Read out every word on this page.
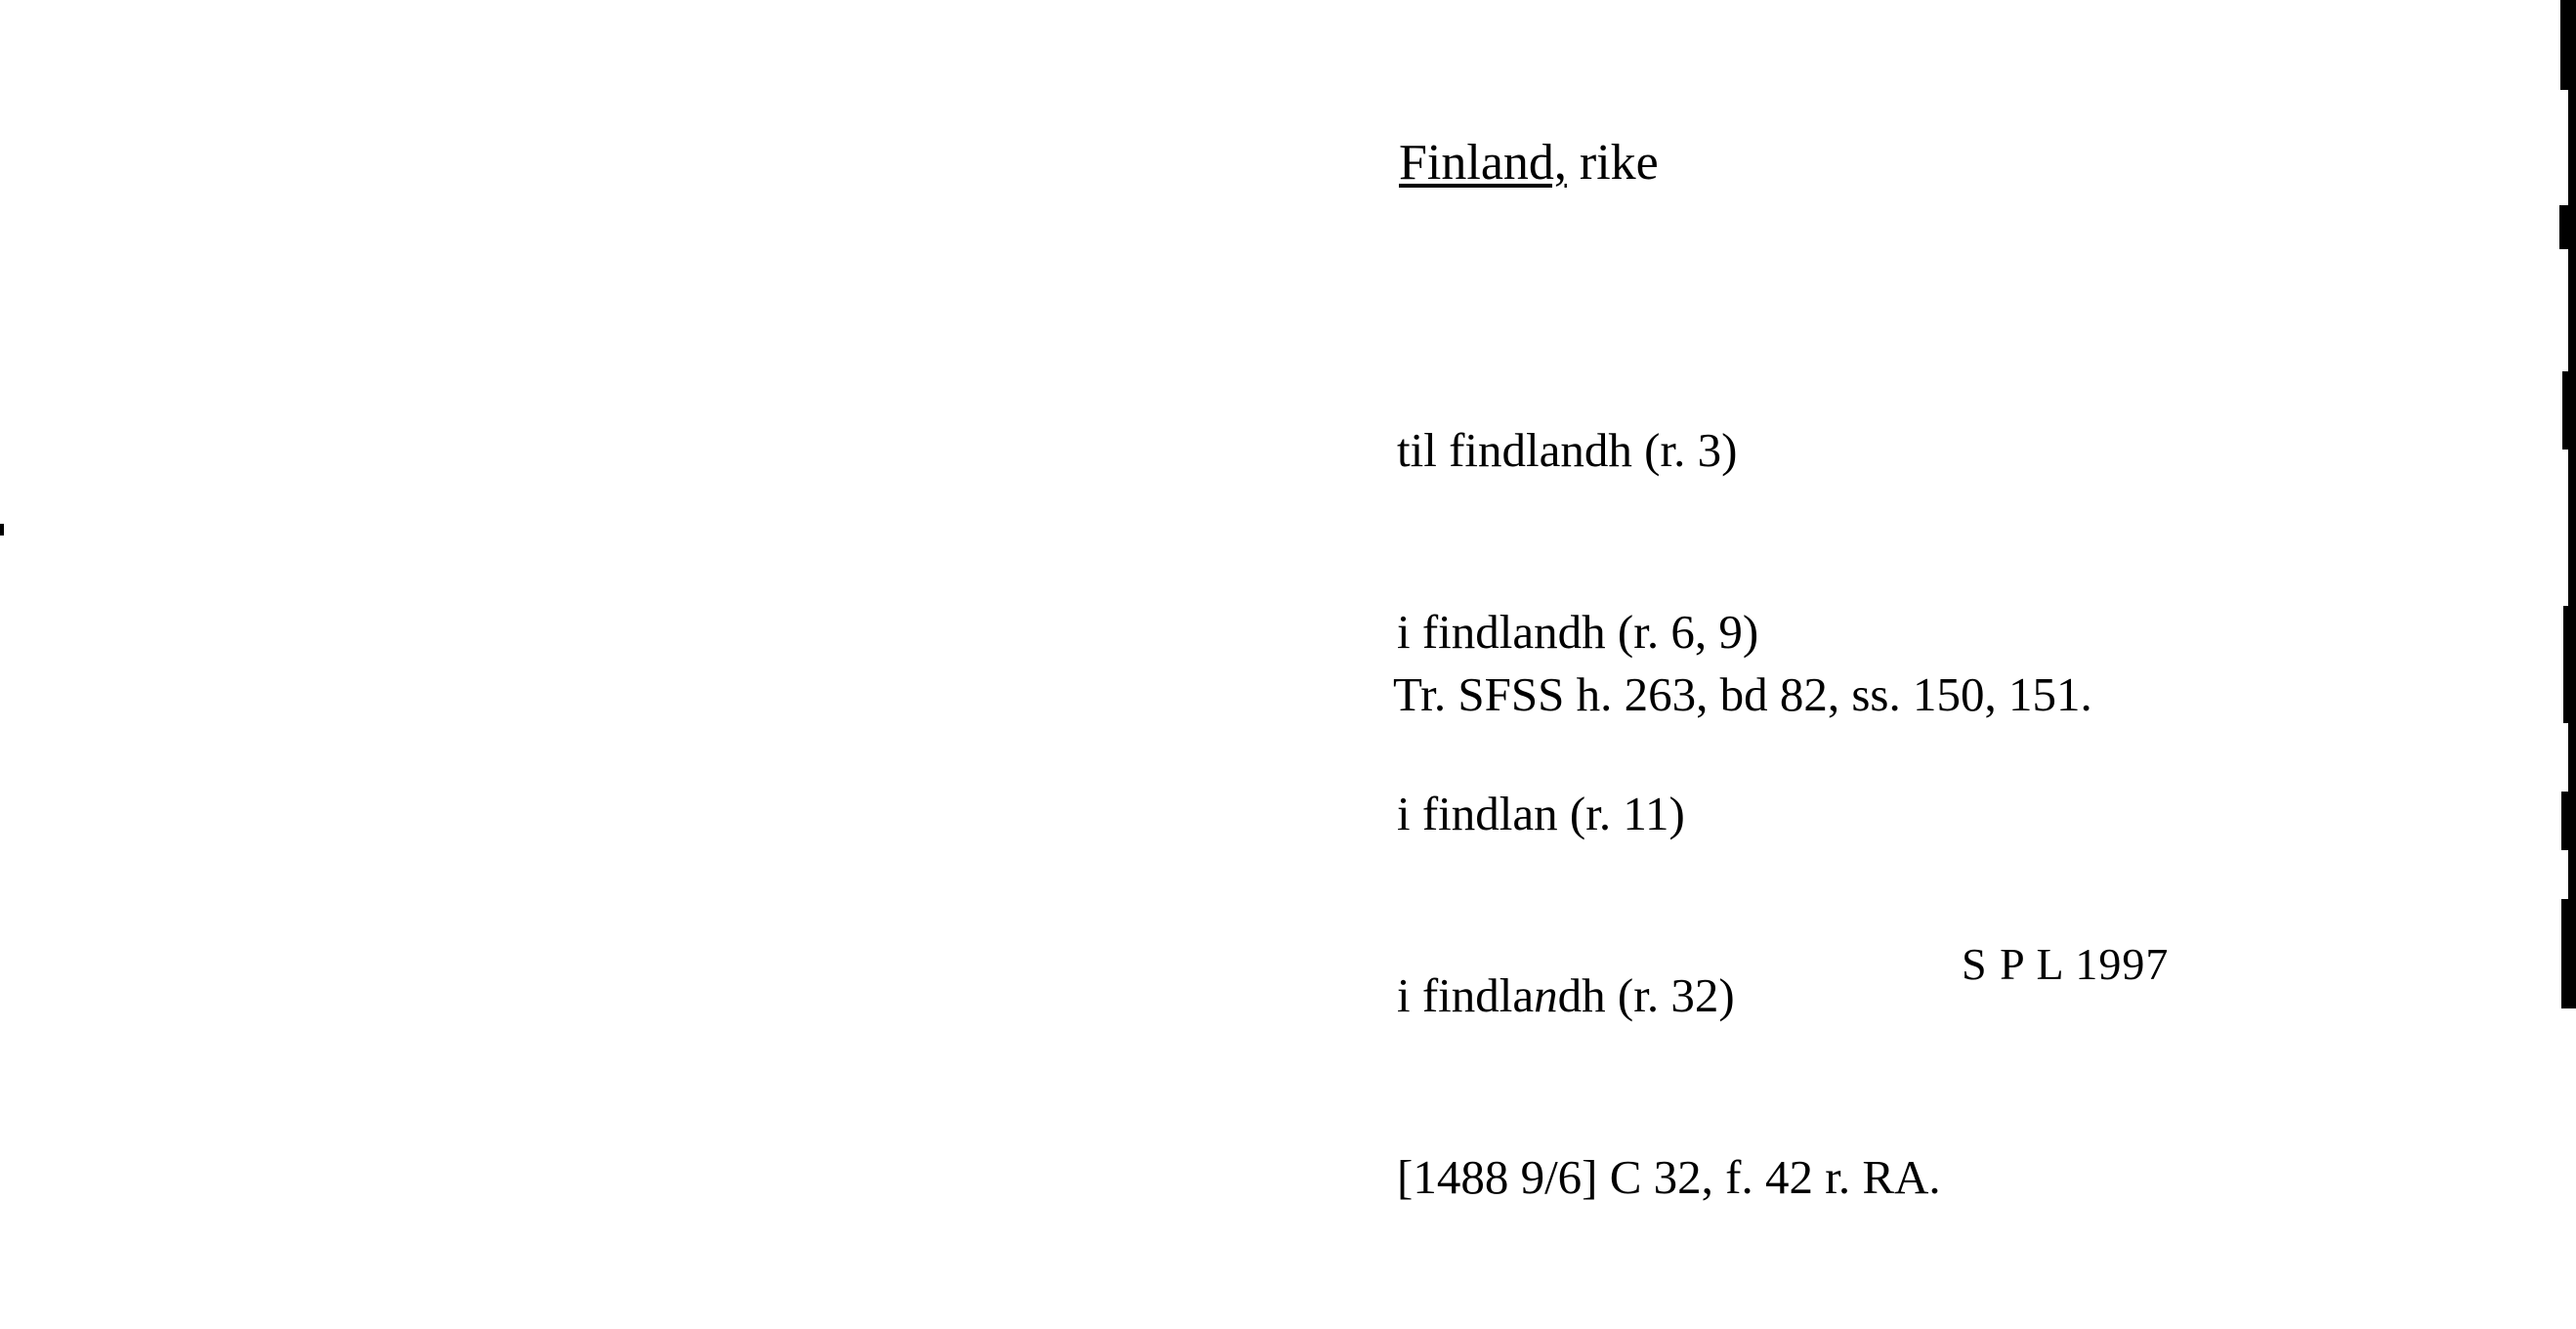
Finland, rike

til findlandh (r. 3)

i findlandh (r. 6, 9)

i findlan (r. 11)

i findlandh (r. 32)

[1488 9/6] C 32, f. 42 r. RA.

Tr. SFSS h. 263, bd 82, ss. 150, 151.
S P L 1997
